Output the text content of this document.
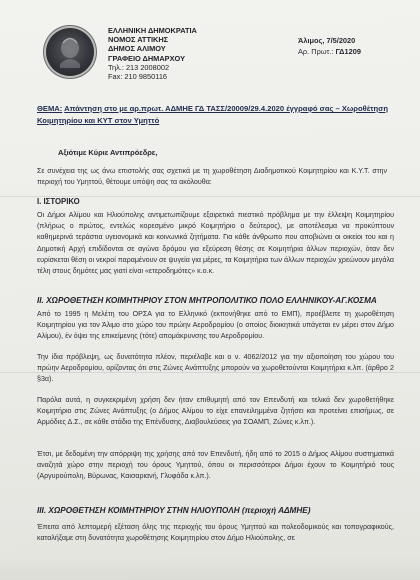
ΕΛΛΗΝΙΚΗ ΔΗΜΟΚΡΑΤΙΑ
ΝΟΜΟΣ ΑΤΤΙΚΗΣ
ΔΗΜΟΣ ΑΛΙΜΟΥ
ΓΡΑΦΕΙΟ ΔΗΜΑΡΧΟΥ
Τηλ.: 213 2008002
Fax: 210 9850116
Άλιμος, 7/5/2020
Αρ. Πρωτ.: ΓΔ1209
ΘΕΜΑ: Απάντηση στο με αρ.πρωτ. ΑΔΜΗΕ ΓΔ ΤΑΣΣ/20009/29.4.2020 έγγραφό σας – Χωροθέτηση Κοιμητηρίου και ΚΥΤ στον Υμηττό
Αξιότιμε Κύριε Αντιπρόεδρε,
Σε συνέχεια της ως άνω επιστολής σας σχετικά με τη χωροθέτηση Διαδημοτικού Κοιμητηρίου και Κ.Υ.Τ. στην περιοχή του Υμηττού, θέτουμε υπόψη σας τα ακόλουθα:
Ι. ΙΣΤΟΡΙΚΟ
Οι Δήμοι Αλίμου και Ηλιούπολης αντιμετωπίζουμε εξαιρετικά πιεστικό πρόβλημα με την έλλειψη Κοιμητηρίου (πλήρως ο πρώτος, εντελώς κορεσμένο μικρό Κοιμητήριο ο δεύτερος), με αποτέλεσμα να προκύπτουν καθημερινά τεράστια υγειονομικά και κοινωνικά ζητήματα. Για κάθε άνθρωπο που αποβιώνει οι οικείοι του και η Δημοτική Αρχή επιδίδονται σε αγώνα δρόμου για εξεύρεση θέσης σε Κοιμητήρια άλλων περιοχών, όταν δεν ευρίσκεται θέση οι νεκροί παραμένουν σε ψυγεία για μέρες, τα Κοιμητήρια των άλλων περιοχών χρεώνουν μεγάλα τέλη στους δημότες μας γιατί είναι «ετεροδημότες» κ.ο.κ.
ΙΙ. ΧΩΡΟΘΕΤΗΣΗ ΚΟΙΜΗΤΗΡΙΟΥ ΣΤΟΝ ΜΗΤΡΟΠΟΛΙΤΙΚΟ ΠΟΛΟ ΕΛΛΗΝΙΚΟΥ-ΑΓ.ΚΟΣΜΑ
Από το 1995 η Μελέτη του ΟΡΣΑ για το Ελληνικό (εκπονήθηκε από το ΕΜΠ), προέβλεπε τη χωροθέτηση Κοιμητηρίου για τον Άλιμο στο χώρο του πρώην Αεροδρομίου (ο οποίος διοικητικά υπάγεται εν μέρει στον Δήμο Αλίμου), έν όψει της επικείμενης (τότε) απομάκρυνσης του Αεροδρομίου.
Την ίδια πρόβλεψη, ως δυνατότητα πλέον, περιέλαβε και ο ν. 4062/2012 για την αξιοποίηση του χώρου του πρώην Αεροδρομίου, ορίζοντας ότι στις Ζώνες Ανάπτυξης μπορούν να χωροθετούνται Κοιμητήρια κ.λπ. (άρθρο 2 §3α).
Παρόλα αυτά, η συγκεκριμένη χρήση δεν ήταν επιθυμητή από τον Επενδυτή και τελικά δεν χωροθετήθηκε Κοιμητήριο στις Ζώνες Ανάπτυξης (ο Δήμος Αλίμου το είχε επανειλημμένα ζητήσει και προτείνει επισήμως, σε Αρμόδιες Δ.Σ., σε κάθε στάδιο της Επένδυσης, Διαβουλεύσεις για ΣΟΑΜΠ, Ζώνες κ.λπ.).
Έτσι, με δεδομένη την απόρριψη της χρήσης από τον Επενδυτή, ήδη από το 2015 ο Δήμος Αλίμου συστηματικά αναζητά χώρο στην περιοχή του όρους Υμηττού, όπου οι περισσότεροι Δήμοι έχουν το Κοιμητήριό τους (Αργυρούπολη, Βύρωνας, Καισαριανή, Γλυφάδα κ.λπ.).
ΙΙΙ. ΧΩΡΟΘΕΤΗΣΗ ΚΟΙΜΗΤΗΡΙΟΥ ΣΤΗΝ ΗΛΙΟΥΠΟΛΗ (περιοχή ΑΔΜΗΕ)
Έπειτα από λεπτομερή εξέταση όλης της περιοχής του όρους Υμηττού και πολεοδομικούς και τοπογραφικούς, καταλήξαμε στη δυνατότητα χωροθέτησης Κοιμητηρίου στον Δήμο Ηλιούπολης, σε
